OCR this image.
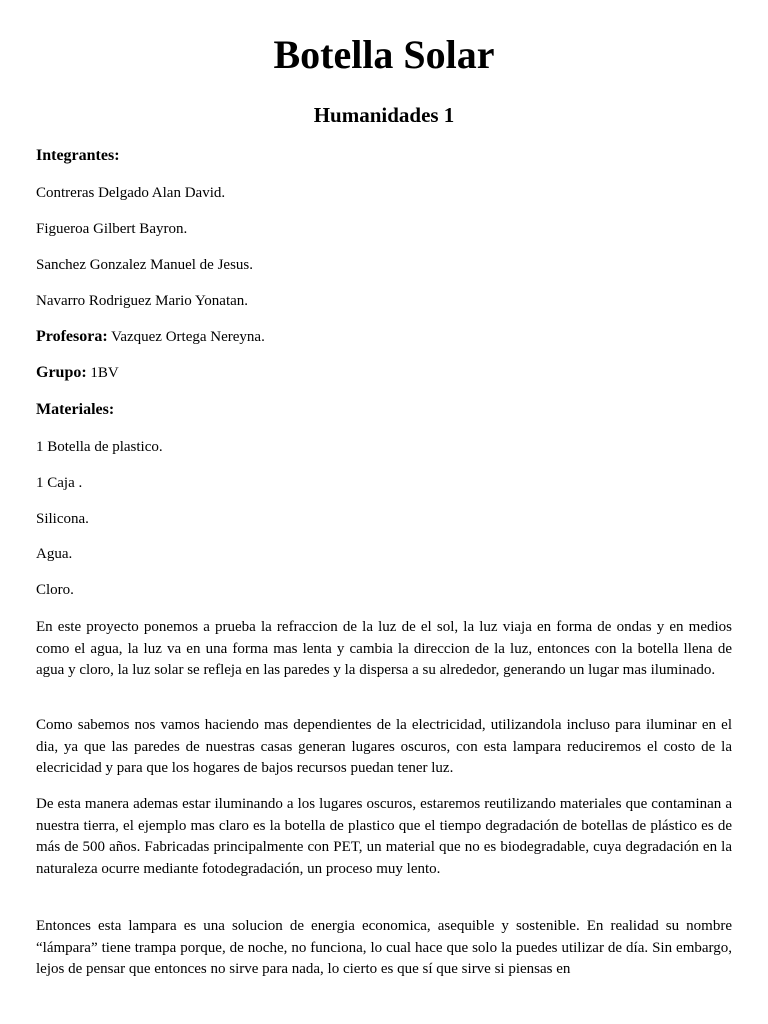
Botella Solar
Humanidades 1
Integrantes:
Contreras Delgado Alan David.
Figueroa Gilbert Bayron.
Sanchez Gonzalez Manuel de Jesus.
Navarro Rodriguez Mario Yonatan.
Profesora: Vazquez Ortega Nereyna.
Grupo: 1BV
Materiales:
1 Botella de plastico.
1 Caja .
Silicona.
Agua.
Cloro.
En este proyecto ponemos a prueba la refraccion de la luz de el sol, la luz viaja en forma de ondas y en medios como el agua, la luz va en una forma mas lenta y cambia la direccion de la luz, entonces con la botella llena de agua y cloro, la luz solar se refleja en las paredes y la dispersa a su alrededor, generando un lugar mas iluminado.
Como sabemos nos vamos haciendo mas dependientes de la electricidad, utilizandola incluso para iluminar en el dia, ya que las paredes de nuestras casas generan lugares oscuros, con esta lampara reduciremos el costo de la elecricidad y para que los hogares de bajos recursos puedan tener luz.
De esta manera ademas estar iluminando a los lugares oscuros, estaremos reutilizando materiales que contaminan a nuestra tierra, el ejemplo mas claro es la botella de plastico que el tiempo degradación de botellas de plástico es de más de 500 años. Fabricadas principalmente con PET, un material que no es biodegradable, cuya degradación en la naturaleza ocurre mediante fotodegradación, un proceso muy lento.
Entonces esta lampara es una solucion de energia economica, asequible y sostenible. En realidad su nombre “lámpara” tiene trampa porque, de noche, no funciona, lo cual hace que solo la puedes utilizar de día. Sin embargo, lejos de pensar que entonces no sirve para nada, lo cierto es que sí que sirve si piensas en
